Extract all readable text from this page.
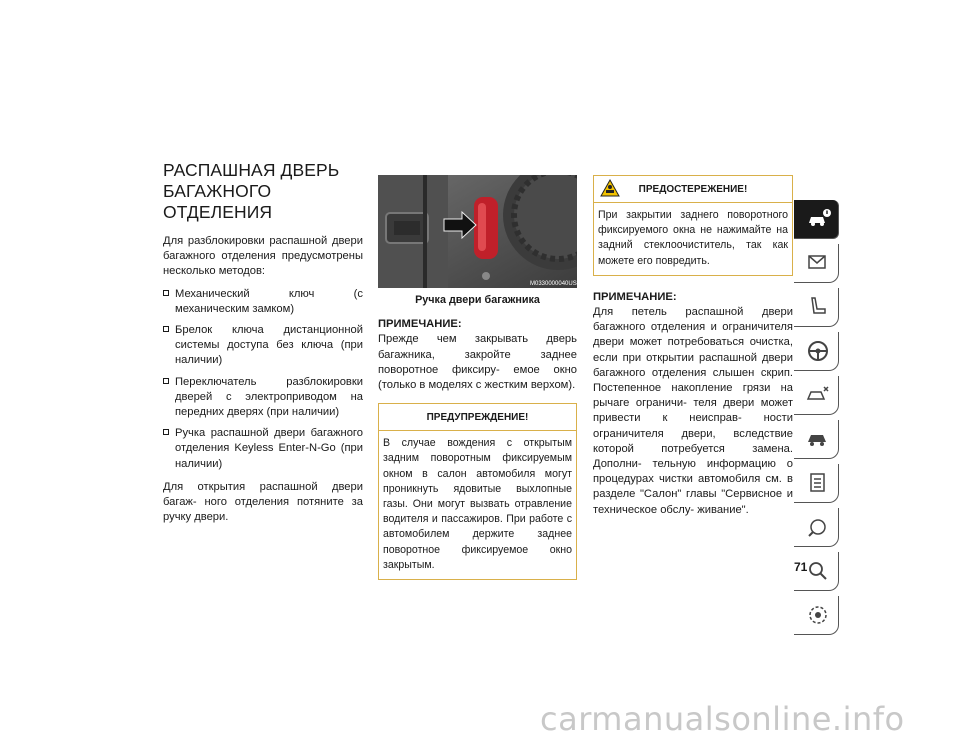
РАСПАШНАЯ ДВЕРЬ
БАГАЖНОГО ОТДЕЛЕНИЯ

Для разблокировки распашной двери багажного отделения предусмотрены несколько методов:

Механический ключ (с механическим замком)
Брелок ключа дистанционной системы доступа без ключа (при наличии)
Переключатель разблокировки дверей с электроприводом на передних дверях (при наличии)
Ручка распашной двери багажного отделения Keyless Enter-N-Go (при наличии)

Для открытия распашной двери багаж- ного отделения потяните за ручку двери.

M0330000040US
Ручка двери багажника

ПРИМЕЧАНИЕ:

Прежде чем закрывать дверь багажника, закройте заднее поворотное фиксиру- емое окно (только в моделях с жестким верхом).

ПРЕДУПРЕЖДЕНИЕ!
В случае вождения с открытым задним поворотным фиксируемым окном в салон автомобиля могут проникнуть ядовитые выхлопные газы. Они могут вызвать отравление водителя и пассажиров. При работе с автомобилем держите заднее поворотное фиксируемое окно закрытым.
ПРЕДОСТЕРЕЖЕНИЕ!
При закрытии заднего поворотного фиксируемого окна не нажимайте на задний стеклоочиститель, так как можете его повредить.

ПРИМЕЧАНИЕ:

Для петель распашной двери багажного отделения и ограничителя двери может потребоваться очистка, если при открытии распашной двери багажного отделения слышен скрип. Постепенное накопление грязи на рычаге ограничи- теля двери может привести к неисправ- ности ограничителя двери, вследствие которой потребуется замена. Дополни- тельную информацию о процедурах чистки автомобиля см. в разделе "Салон" главы "Сервисное и техническое обслу- живание".

71
carmanualsonline.info
